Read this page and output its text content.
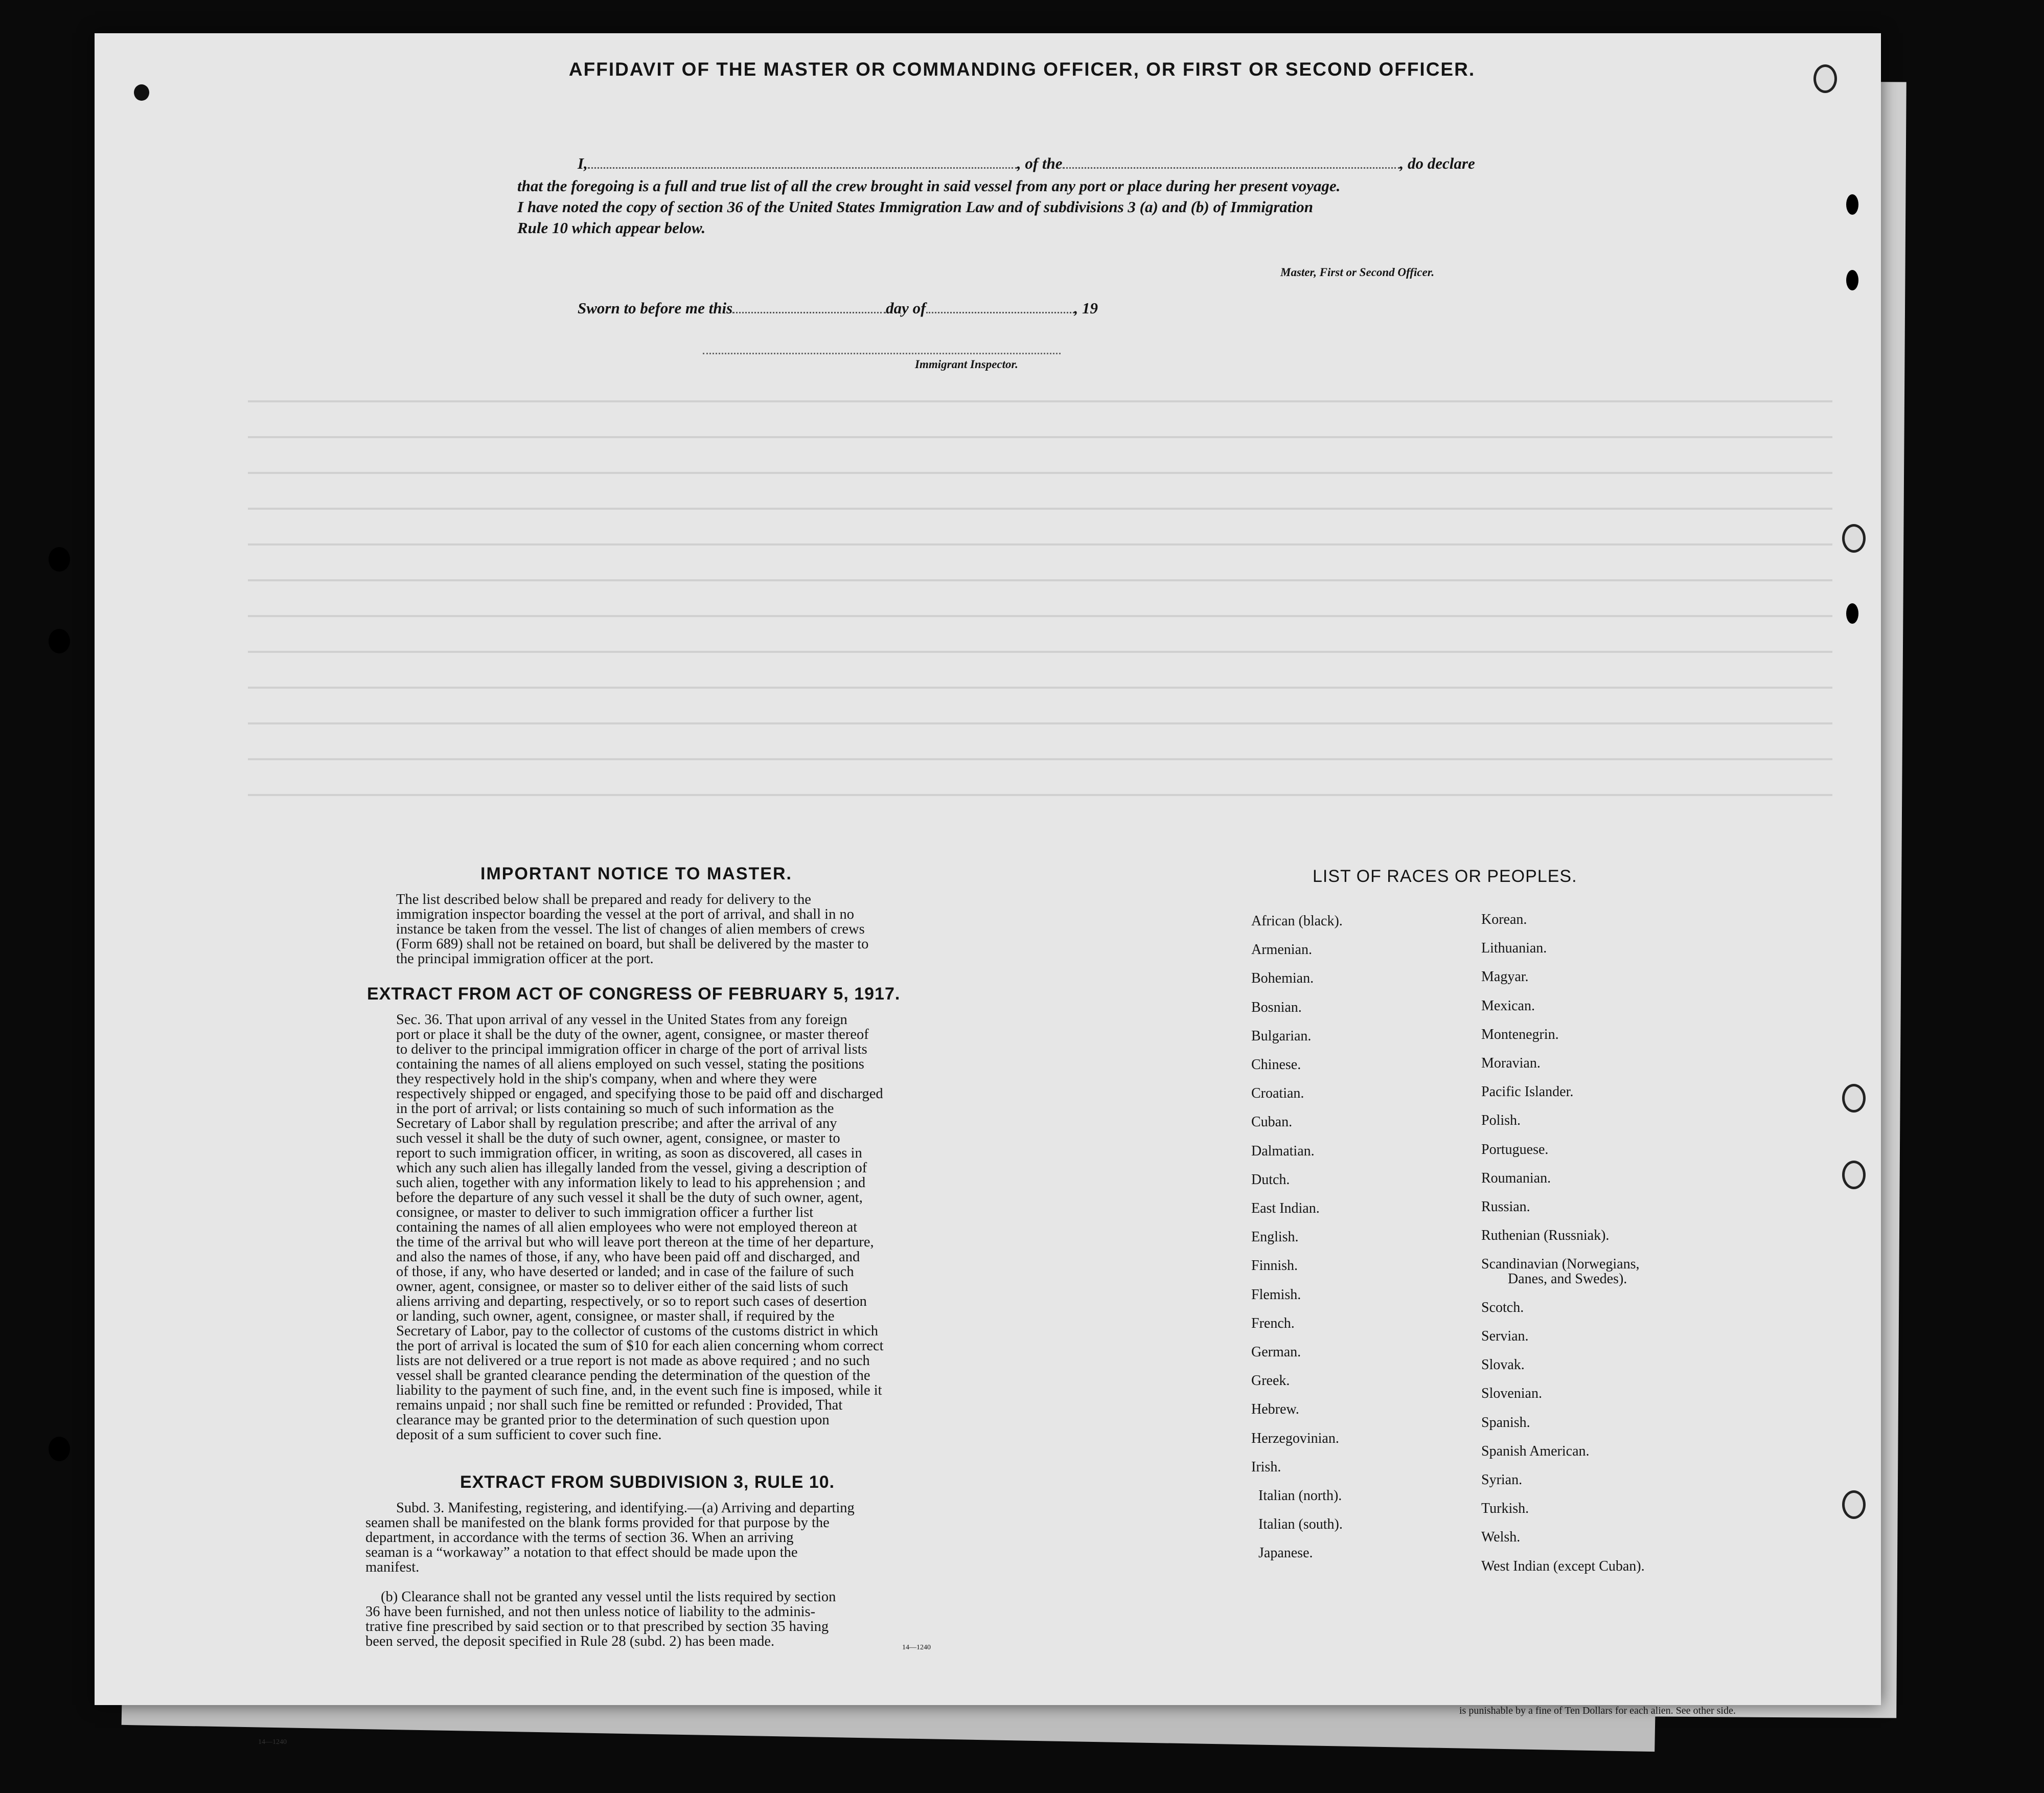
AFFIDAVIT OF THE MASTER OR COMMANDING OFFICER, OR FIRST OR SECOND OFFICER.
I,	, of the	, do declare
that the foregoing is a full and true list of all the crew brought in said vessel from any port or place during her present voyage.
I have noted the copy of section 36 of the United States Immigration Law and of subdivisions 3 (a) and (b) of Immigration
Rule 10 which appear below.
Master, First or Second Officer.
Sworn to before me this	day of	, 19
Immigrant Inspector.
IMPORTANT NOTICE TO MASTER.
The list described below shall be prepared and ready for delivery to the
immigration inspector boarding the vessel at the port of arrival, and shall in no
instance be taken from the vessel. The list of changes of alien members of crews
(Form 689) shall not be retained on board, but shall be delivered by the master to
the principal immigration officer at the port.
EXTRACT FROM ACT OF CONGRESS OF FEBRUARY 5, 1917.
Sec. 36. That upon arrival of any vessel in the United States from any foreign
port or place it shall be the duty of the owner, agent, consignee, or master thereof
to deliver to the principal immigration officer in charge of the port of arrival lists
containing the names of all aliens employed on such vessel, stating the positions
they respectively hold in the ship's company, when and where they were
respectively shipped or engaged, and specifying those to be paid off and discharged
in the port of arrival; or lists containing so much of such information as the
Secretary of Labor shall by regulation prescribe; and after the arrival of any
such vessel it shall be the duty of such owner, agent, consignee, or master to
report to such immigration officer, in writing, as soon as discovered, all cases in
which any such alien has illegally landed from the vessel, giving a description of
such alien, together with any information likely to lead to his apprehension ; and
before the departure of any such vessel it shall be the duty of such owner, agent,
consignee, or master to deliver to such immigration officer a further list
containing the names of all alien employees who were not employed thereon at
the time of the arrival but who will leave port thereon at the time of her departure,
and also the names of those, if any, who have been paid off and discharged, and
of those, if any, who have deserted or landed; and in case of the failure of such
owner, agent, consignee, or master so to deliver either of the said lists of such
aliens arriving and departing, respectively, or so to report such cases of desertion
or landing, such owner, agent, consignee, or master shall, if required by the
Secretary of Labor, pay to the collector of customs of the customs district in which
the port of arrival is located the sum of $10 for each alien concerning whom correct
lists are not delivered or a true report is not made as above required ; and no such
vessel shall be granted clearance pending the determination of the question of the
liability to the payment of such fine, and, in the event such fine is imposed, while it
remains unpaid ; nor shall such fine be remitted or refunded : Provided, That
clearance may be granted prior to the determination of such question upon
deposit of a sum sufficient to cover such fine.
EXTRACT FROM SUBDIVISION 3, RULE 10.
Subd. 3. Manifesting, registering, and identifying.—(a) Arriving and departing
seamen shall be manifested on the blank forms provided for that purpose by the
department, in accordance with the terms of section 36. When an arriving
seaman is a “workaway” a notation to that effect should be made upon the
manifest.

(b) Clearance shall not be granted any vessel until the lists required by section
36 have been furnished, and not then unless notice of liability to the adminis-
trative fine prescribed by said section or to that prescribed by section 35 having
been served, the deposit specified in Rule 28 (subd. 2) has been made.	14—1240
LIST OF RACES OR PEOPLES.
African (black).
Armenian.
Bohemian.
Bosnian.
Bulgarian.
Chinese.
Croatian.
Cuban.
Dalmatian.
Dutch.
East Indian.
English.
Finnish.
Flemish.
French.
German.
Greek.
Hebrew.
Herzegovinian.
Irish.
Italian (north).
Italian (south).
Japanese.
Korean.
Lithuanian.
Magyar.
Mexican.
Montenegrin.
Moravian.
Pacific Islander.
Polish.
Portuguese.
Roumanian.
Russian.
Ruthenian (Russniak).
Scandinavian (Norwegians,
Danes, and Swedes).
Scotch.
Servian.
Slovak.
Slovenian.
Spanish.
Spanish American.
Syrian.
Turkish.
Welsh.
West Indian (except Cuban).
is punishable by a fine of Ten Dollars for each alien. See other side.
14—1240
